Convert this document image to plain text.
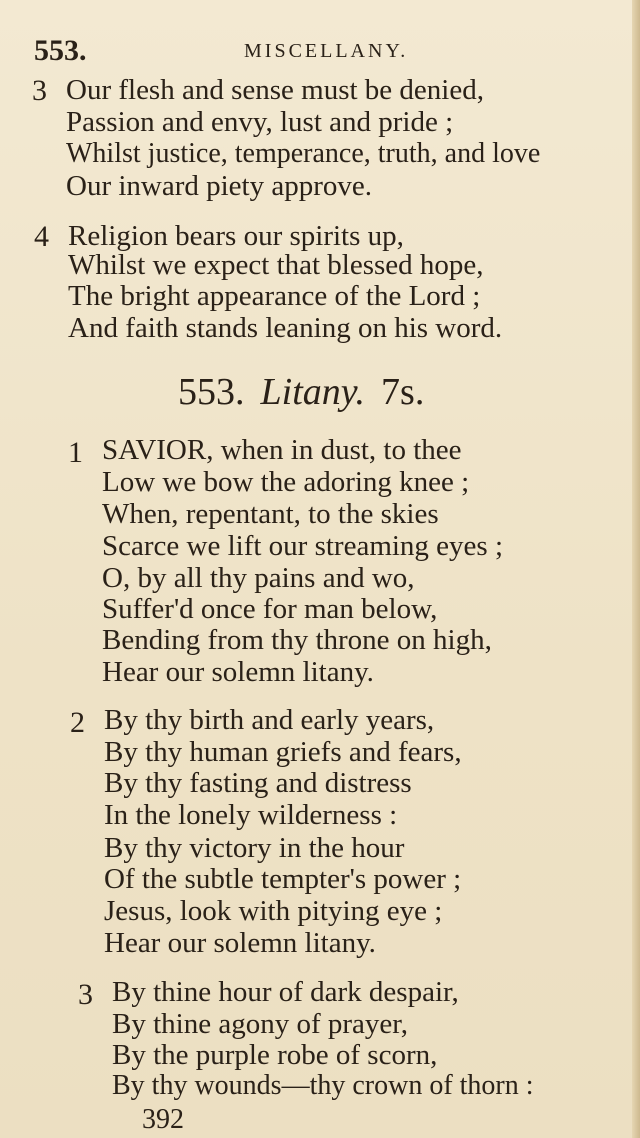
553.	MISCELLANY.
3 Our flesh and sense must be denied,
Passion and envy, lust and pride ;
Whilst justice, temperance, truth, and love
Our inward piety approve.
4 Religion bears our spirits up,
Whilst we expect that blessed hope,
The bright appearance of the Lord ;
And faith stands leaning on his word.
553. Litany. 7s.
1 SAVIOR, when in dust, to thee
Low we bow the adoring knee ;
When, repentant, to the skies
Scarce we lift our streaming eyes ;
O, by all thy pains and wo,
Suffer'd once for man below,
Bending from thy throne on high,
Hear our solemn litany.
2 By thy birth and early years,
By thy human griefs and fears,
By thy fasting and distress
In the lonely wilderness :
By thy victory in the hour
Of the subtle tempter's power ;
Jesus, look with pitying eye ;
Hear our solemn litany.
3 By thine hour of dark despair,
By thine agony of prayer,
By the purple robe of scorn,
By thy wounds—thy crown of thorn :
392
